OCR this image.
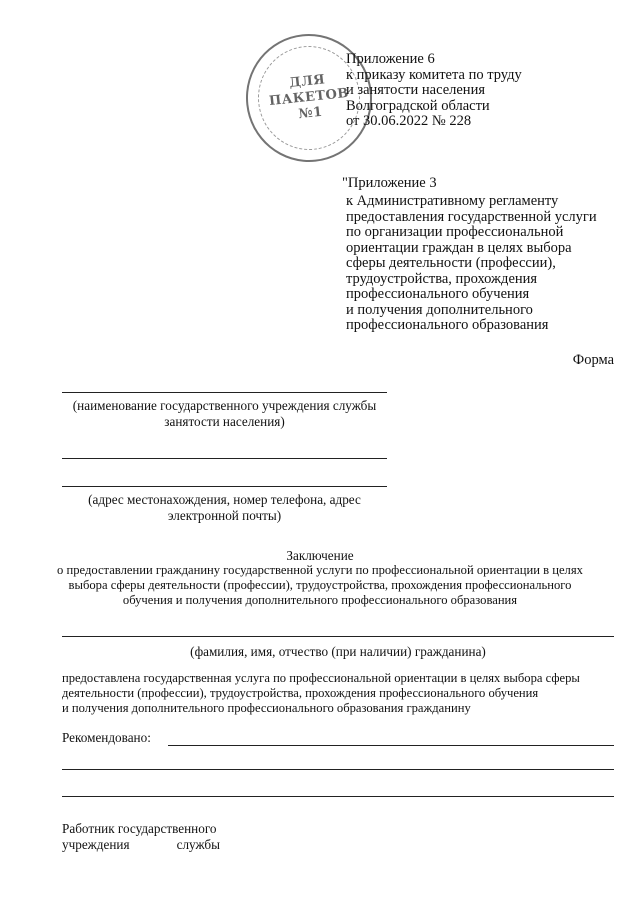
ДЛЯ
ПАКЕТОВ
№1
Приложение 6
к приказу комитета по труду
и занятости населения
Волгоградской области
от 30.06.2022 № 228
"Приложение 3
к Административному регламенту
предоставления государственной услуги
по организации профессиональной
ориентации граждан в целях выбора
сферы деятельности (профессии),
трудоустройства, прохождения
профессионального обучения
и получения дополнительного
профессионального образования
Форма
(наименование государственного учреждения службы
занятости населения)
(адрес местонахождения, номер телефона, адрес
электронной почты)
Заключение
о предоставлении гражданину государственной услуги по профессиональной ориентации в целях
выбора сферы деятельности (профессии), трудоустройства, прохождения профессионального
обучения и получения дополнительного профессионального образования
(фамилия, имя, отчество (при наличии) гражданина)
предоставлена государственная услуга по профессиональной ориентации в целях выбора сферы
деятельности (профессии), трудоустройства, прохождения профессионального обучения
и получения дополнительного профессионального образования гражданину
Рекомендовано:
Работник государственного
учреждения	службы
